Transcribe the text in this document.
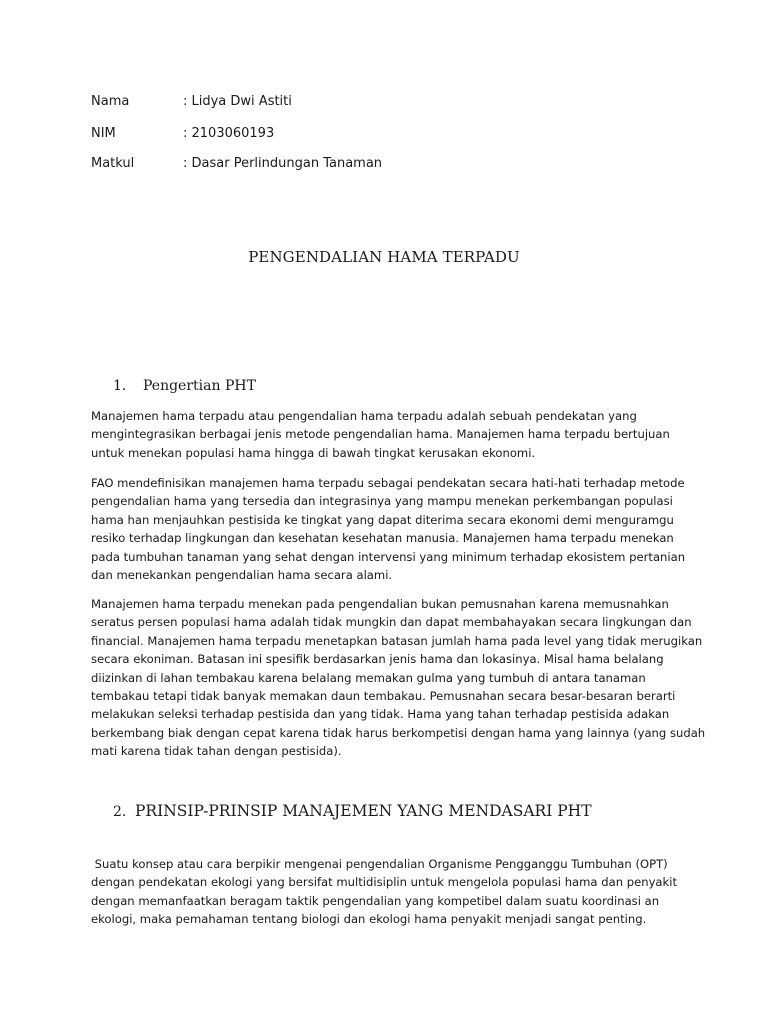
Nama	: Lidya Dwi Astiti
NIM	: 2103060193
Matkul	: Dasar Perlindungan Tanaman
PENGENDALIAN HAMA TERPADU
1. Pengertian PHT

Manajemen hama terpadu atau pengendalian hama terpadu adalah sebuah pendekatan yang
mengintegrasikan berbagai jenis metode pengendalian hama. Manajemen hama terpadu bertujuan
untuk menekan populasi hama hingga di bawah tingkat kerusakan ekonomi.

FAO mendefinisikan manajemen hama terpadu sebagai pendekatan secara hati-hati terhadap metode
pengendalian hama yang tersedia dan integrasinya yang mampu menekan perkembangan populasi
hama han menjauhkan pestisida ke tingkat yang dapat diterima secara ekonomi demi menguramgu
resiko terhadap lingkungan dan kesehatan kesehatan manusia. Manajemen hama terpadu menekan
pada tumbuhan tanaman yang sehat dengan intervensi yang minimum terhadap ekosistem pertanian
dan menekankan pengendalian hama secara alami.

Manajemen hama terpadu menekan pada pengendalian bukan pemusnahan karena memusnahkan
seratus persen populasi hama adalah tidak mungkin dan dapat membahayakan secara lingkungan dan
financial. Manajemen hama terpadu menetapkan batasan jumlah hama pada level yang tidak merugikan
secara ekoniman. Batasan ini spesifik berdasarkan jenis hama dan lokasinya. Misal hama belalang
diizinkan di lahan tembakau karena belalang memakan gulma yang tumbuh di antara tanaman
tembakau tetapi tidak banyak memakan daun tembakau. Pemusnahan secara besar-besaran berarti
melakukan seleksi terhadap pestisida dan yang tidak. Hama yang tahan terhadap pestisida adakan
berkembang biak dengan cepat karena tidak harus berkompetisi dengan hama yang lainnya (yang sudah
mati karena tidak tahan dengan pestisida).

2. PRINSIP-PRINSIP MANAJEMEN YANG MENDASARI PHT

Suatu konsep atau cara berpikir mengenai pengendalian Organisme Pengganggu Tumbuhan (OPT)
dengan pendekatan ekologi yang bersifat multidisiplin untuk mengelola populasi hama dan penyakit
dengan memanfaatkan beragam taktik pengendalian yang kompetibel dalam suatu koordinasi an
ekologi, maka pemahaman tentang biologi dan ekologi hama penyakit menjadi sangat penting.
